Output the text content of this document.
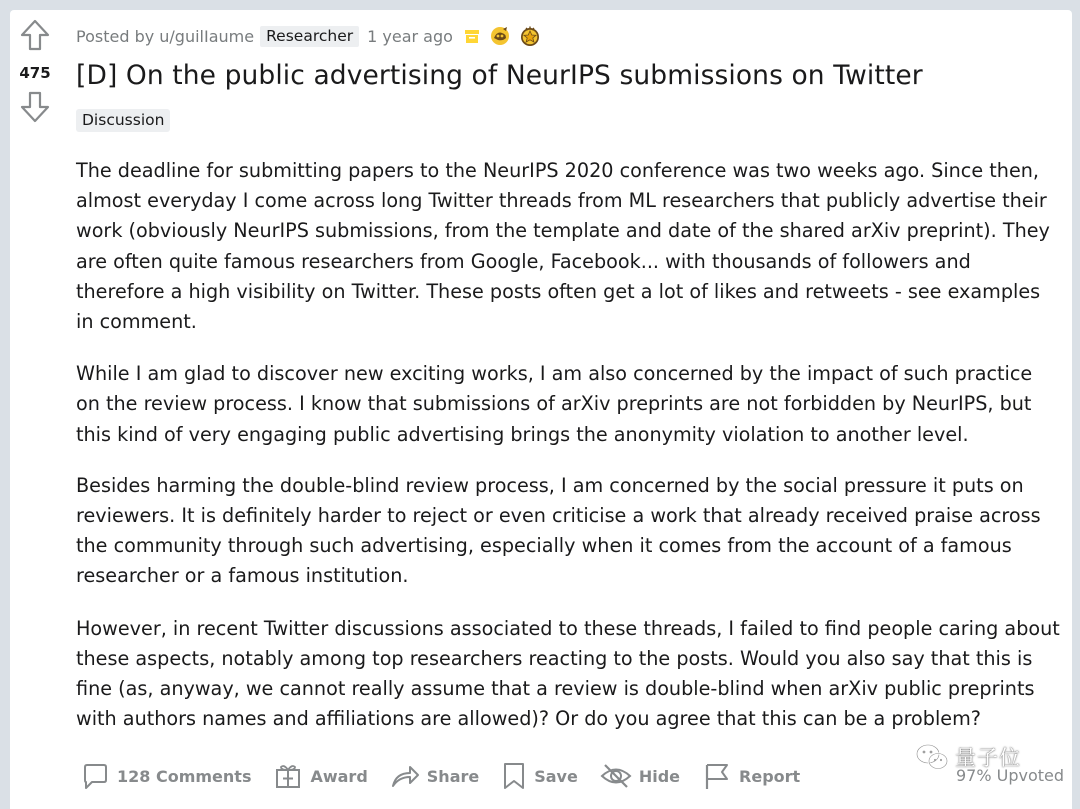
475
Posted by u/guilIaume Researcher 1 year ago
[D] On the public advertising of NeurIPS submissions on Twitter
Discussion

The deadline for submitting papers to the NeurIPS 2020 conference was two weeks ago. Since then, almost everyday I come across long Twitter threads from ML researchers that publicly advertise their work (obviously NeurIPS submissions, from the template and date of the shared arXiv preprint). They are often quite famous researchers from Google, Facebook... with thousands of followers and therefore a high visibility on Twitter. These posts often get a lot of likes and retweets - see examples in comment.

While I am glad to discover new exciting works, I am also concerned by the impact of such practice on the review process. I know that submissions of arXiv preprints are not forbidden by NeurIPS, but this kind of very engaging public advertising brings the anonymity violation to another level.

Besides harming the double-blind review process, I am concerned by the social pressure it puts on reviewers. It is definitely harder to reject or even criticise a work that already received praise across the community through such advertising, especially when it comes from the account of a famous researcher or a famous institution.

However, in recent Twitter discussions associated to these threads, I failed to find people caring about these aspects, notably among top researchers reacting to the posts. Would you also say that this is fine (as, anyway, we cannot really assume that a review is double-blind when arXiv public preprints with authors names and affiliations are allowed)? Or do you agree that this can be a problem?

128 Comments	Award	Share	Save	Hide	Report	97% Upvoted
量子位
